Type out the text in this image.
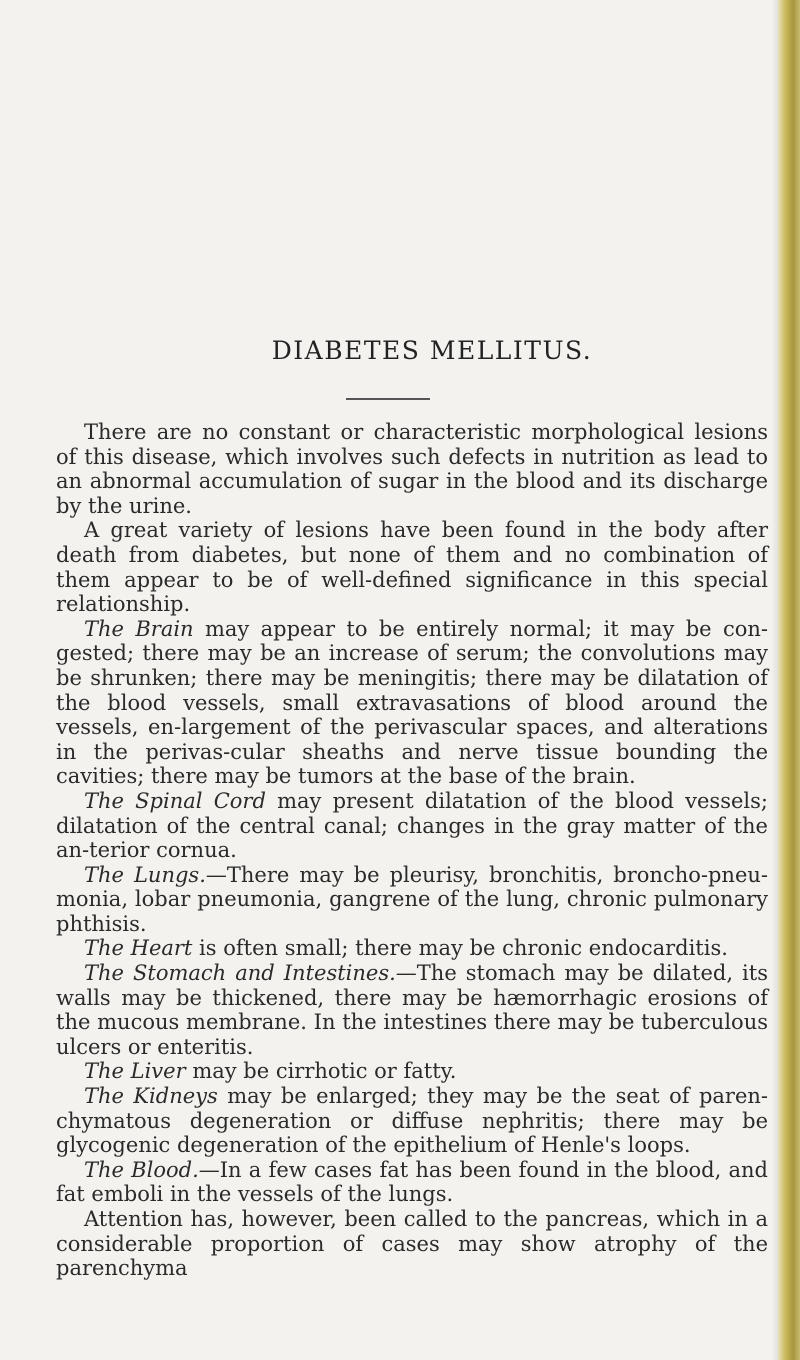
DIABETES MELLITUS.

There are no constant or characteristic morphological lesions of this disease, which involves such defects in nutrition as lead to an abnormal accumulation of sugar in the blood and its discharge by the urine.

A great variety of lesions have been found in the body after death from diabetes, but none of them and no combination of them appear to be of well-defined significance in this special relationship.

The Brain may appear to be entirely normal; it may be con-gested; there may be an increase of serum; the convolutions may be shrunken; there may be meningitis; there may be dilatation of the blood vessels, small extravasations of blood around the vessels, en-largement of the perivascular spaces, and alterations in the perivas-cular sheaths and nerve tissue bounding the cavities; there may be tumors at the base of the brain.

The Spinal Cord may present dilatation of the blood vessels; dilatation of the central canal; changes in the gray matter of the an-terior cornua.

The Lungs.—There may be pleurisy, bronchitis, broncho-pneu-monia, lobar pneumonia, gangrene of the lung, chronic pulmonary phthisis.

The Heart is often small; there may be chronic endocarditis.

The Stomach and Intestines.—The stomach may be dilated, its walls may be thickened, there may be hæmorrhagic erosions of the mucous membrane. In the intestines there may be tuberculous ulcers or enteritis.

The Liver may be cirrhotic or fatty.

The Kidneys may be enlarged; they may be the seat of paren-chymatous degeneration or diffuse nephritis; there may be glycogenic degeneration of the epithelium of Henle's loops.

The Blood.—In a few cases fat has been found in the blood, and fat emboli in the vessels of the lungs.

Attention has, however, been called to the pancreas, which in a considerable proportion of cases may show atrophy of the parenchyma
